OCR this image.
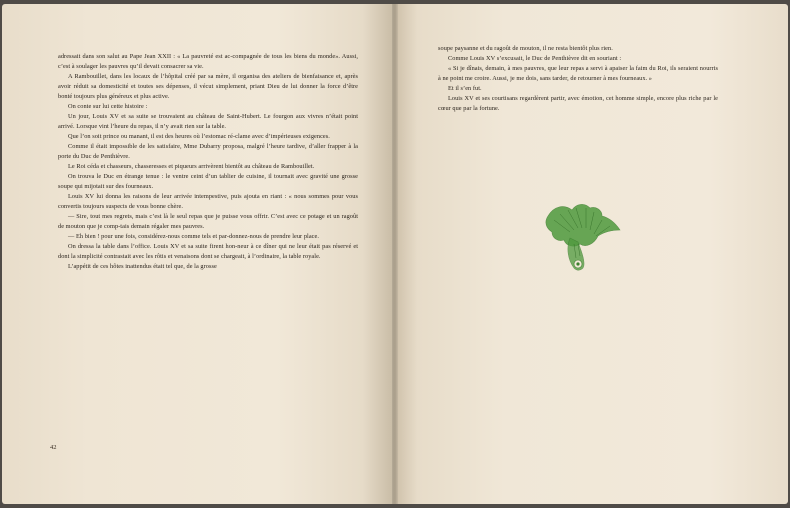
adressait dans son salut au Pape Jean XXII : « La pauvreté est ac-compagnée de tous les biens du monde». Aussi, c’est à soulager les pauvres qu’il devait consacrer sa vie.

A Rambouillet, dans les locaux de l’hôpital créé par sa mère, il organisa des ateliers de bienfaisance et, après avoir réduit sa domesticité et toutes ses dépenses, il vécut simplement, priant Dieu de lui donner la force d’être bonté toujours plus généreux et plus active.

On conte sur lui cette histoire :

Un jour, Louis XV et sa suite se trouvaient au château de Saint-Hubert. Le fourgon aux vivres n’était point arrivé. Lorsque vint l’heure du repas, il n’y avait rien sur la table.

Que l’on soit prince ou manant, il est des heures où l’estomac ré-clame avec d’impérieuses exigences.

Comme il était impossible de les satisfaire, Mme Dubarry proposa, malgré l’heure tardive, d’aller frapper à la porte du Duc de Penthièvre.

Le Roi céda et chasseurs, chasseresses et piqueurs arrivèrent bientôt au château de Rambouillet.

On trouva le Duc en étrange tenue : le ventre ceint d’un tablier de cuisine, il tournait avec gravité une grosse soupe qui mijotait sur des fourneaux.

Louis XV lui donna les raisons de leur arrivée intempestive, puis ajouta en riant : « nous sommes pour vous convertis toujours suspects de vous bonne chère.

— Sire, tout mes regrets, mais c’est là le seul repas que je puisse vous offrir. C’est avec ce potage et un ragoût de mouton que je comp-tais demain régaler mes pauvres.

— Eh bien ! pour une fois, considérez-nous comme tels et par-donnez-nous de prendre leur place.

On dressa la table dans l’office. Louis XV et sa suite firent hon-neur à ce dîner qui ne leur était pas réservé et dont la simplicité contrastait avec les rôtis et venaisons dont se chargeait, à l’ordinaire, la table royale.

L’appétit de ces hôtes inattendus était tel que, de la grosse

42

soupe paysanne et du ragoût de mouton, il ne resta bientôt plus rien.

Comme Louis XV s’excusait, le Duc de Penthièvre dit en souriant :

« Si je dînais, demain, à mes pauvres, que leur repas a servi à apaiser la faim du Roi, ils seraient nourris à ne point me croire. Aussi, je me dois, sans tarder, de retourner à mes fourneaux. »

Et il s’en fut.

Louis XV et ses courtisans regardèrent partir, avec émotion, cet homme simple, encore plus riche par le cœur que par la fortune.
